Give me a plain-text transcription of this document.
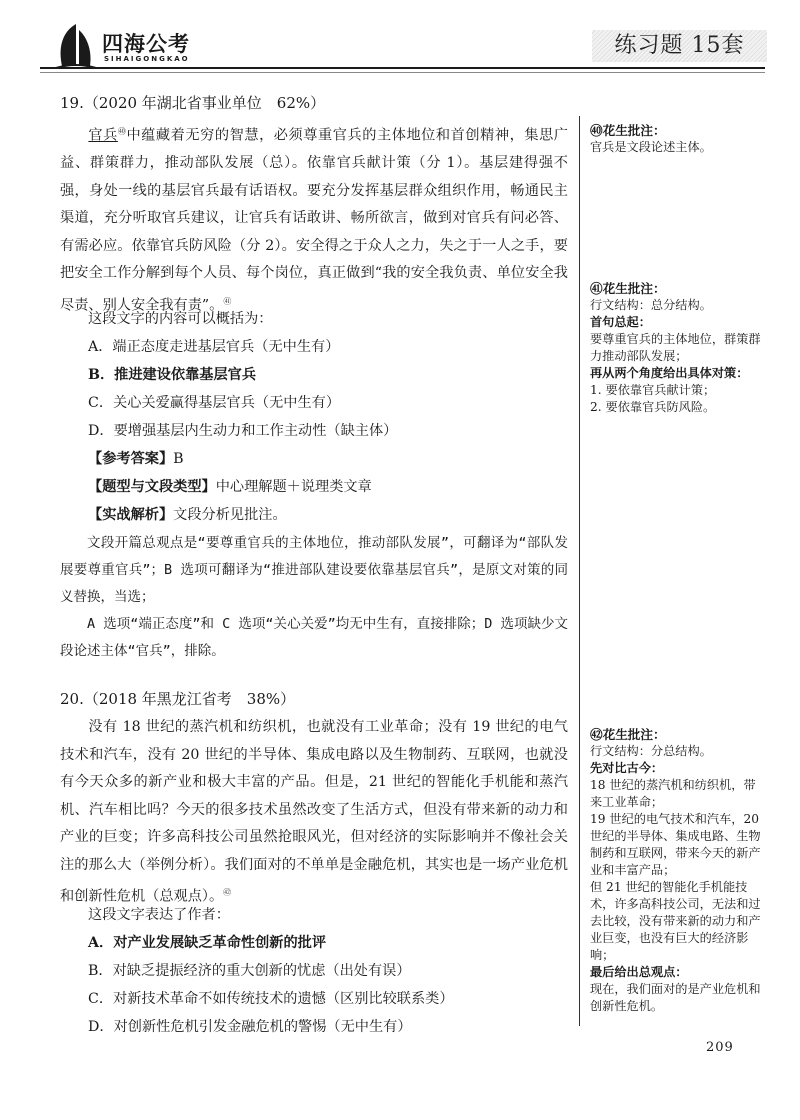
四海公考
SIHAIGONGKAO
练习题 15套
19.（2020 年湖北省事业单位　62%）
官兵$^㊵$中蕴藏着无穷的智慧，必须尊重官兵的主体地位和首创精神，集思广益、群策群力，推动部队发展（总）。依靠官兵献计策（分 1）。基层建得强不强，身处一线的基层官兵最有话语权。要充分发挥基层群众组织作用，畅通民主渠道，充分听取官兵建议，让官兵有话敢讲、畅所欲言，做到对官兵有问必答、有需必应。依靠官兵防风险（分 2）。安全得之于众人之力，失之于一人之手，要把安全工作分解到每个人员、每个岗位，真正做到“我的安全我负责、单位安全我尽责、别人安全我有责”。$^㊶$
这段文字的内容可以概括为：
A．端正态度走进基层官兵（无中生有）
B．推进建设依靠基层官兵
C．关心关爱赢得基层官兵（无中生有）
D．要增强基层内生动力和工作主动性（缺主体）
【参考答案】B
【题型与文段类型】中心理解题＋说理类文章
【实战解析】文段分析见批注。
文段开篇总观点是“要尊重官兵的主体地位，推动部队发展”，可翻译为“部队发展要尊重官兵”；B 选项可翻译为“推进部队建设要依靠基层官兵”，是原文对策的同义替换，当选；
A 选项“端正态度”和 C 选项“关心关爱”均无中生有，直接排除；D 选项缺少文段论述主体“官兵”，排除。
20.（2018 年黑龙江省考　38%）
没有 18 世纪的蒸汽机和纺织机，也就没有工业革命；没有 19 世纪的电气技术和汽车，没有 20 世纪的半导体、集成电路以及生物制药、互联网，也就没有今天众多的新产业和极大丰富的产品。但是，21 世纪的智能化手机能和蒸汽机、汽车相比吗？今天的很多技术虽然改变了生活方式，但没有带来新的动力和产业的巨变；许多高科技公司虽然抢眼风光，但对经济的实际影响并不像社会关注的那么大（举例分析）。我们面对的不单单是金融危机，其实也是一场产业危机和创新性危机（总观点）。$^㊷$
这段文字表达了作者：
A．对产业发展缺乏革命性创新的批评
B．对缺乏提振经济的重大创新的忧虑（出处有误）
C．对新技术革命不如传统技术的遗憾（区别比较联系类）
D．对创新性危机引发金融危机的警惕（无中生有）
㊵花生批注：
官兵是文段论述主体。
㊶花生批注：
行文结构：总分结构。
首句总起：
要尊重官兵的主体地位，群策群力推动部队发展；
再从两个角度给出具体对策：
1. 要依靠官兵献计策；
2. 要依靠官兵防风险。
㊷花生批注：
行文结构：分总结构。
先对比古今：
18 世纪的蒸汽机和纺织机，带来工业革命；
19 世纪的电气技术和汽车，20 世纪的半导体、集成电路、生物制药和互联网，带来今天的新产业和丰富产品；
但 21 世纪的智能化手机能技术，许多高科技公司，无法和过去比较，没有带来新的动力和产业巨变，也没有巨大的经济影响；
最后给出总观点：
现在，我们面对的是产业危机和创新性危机。
209
